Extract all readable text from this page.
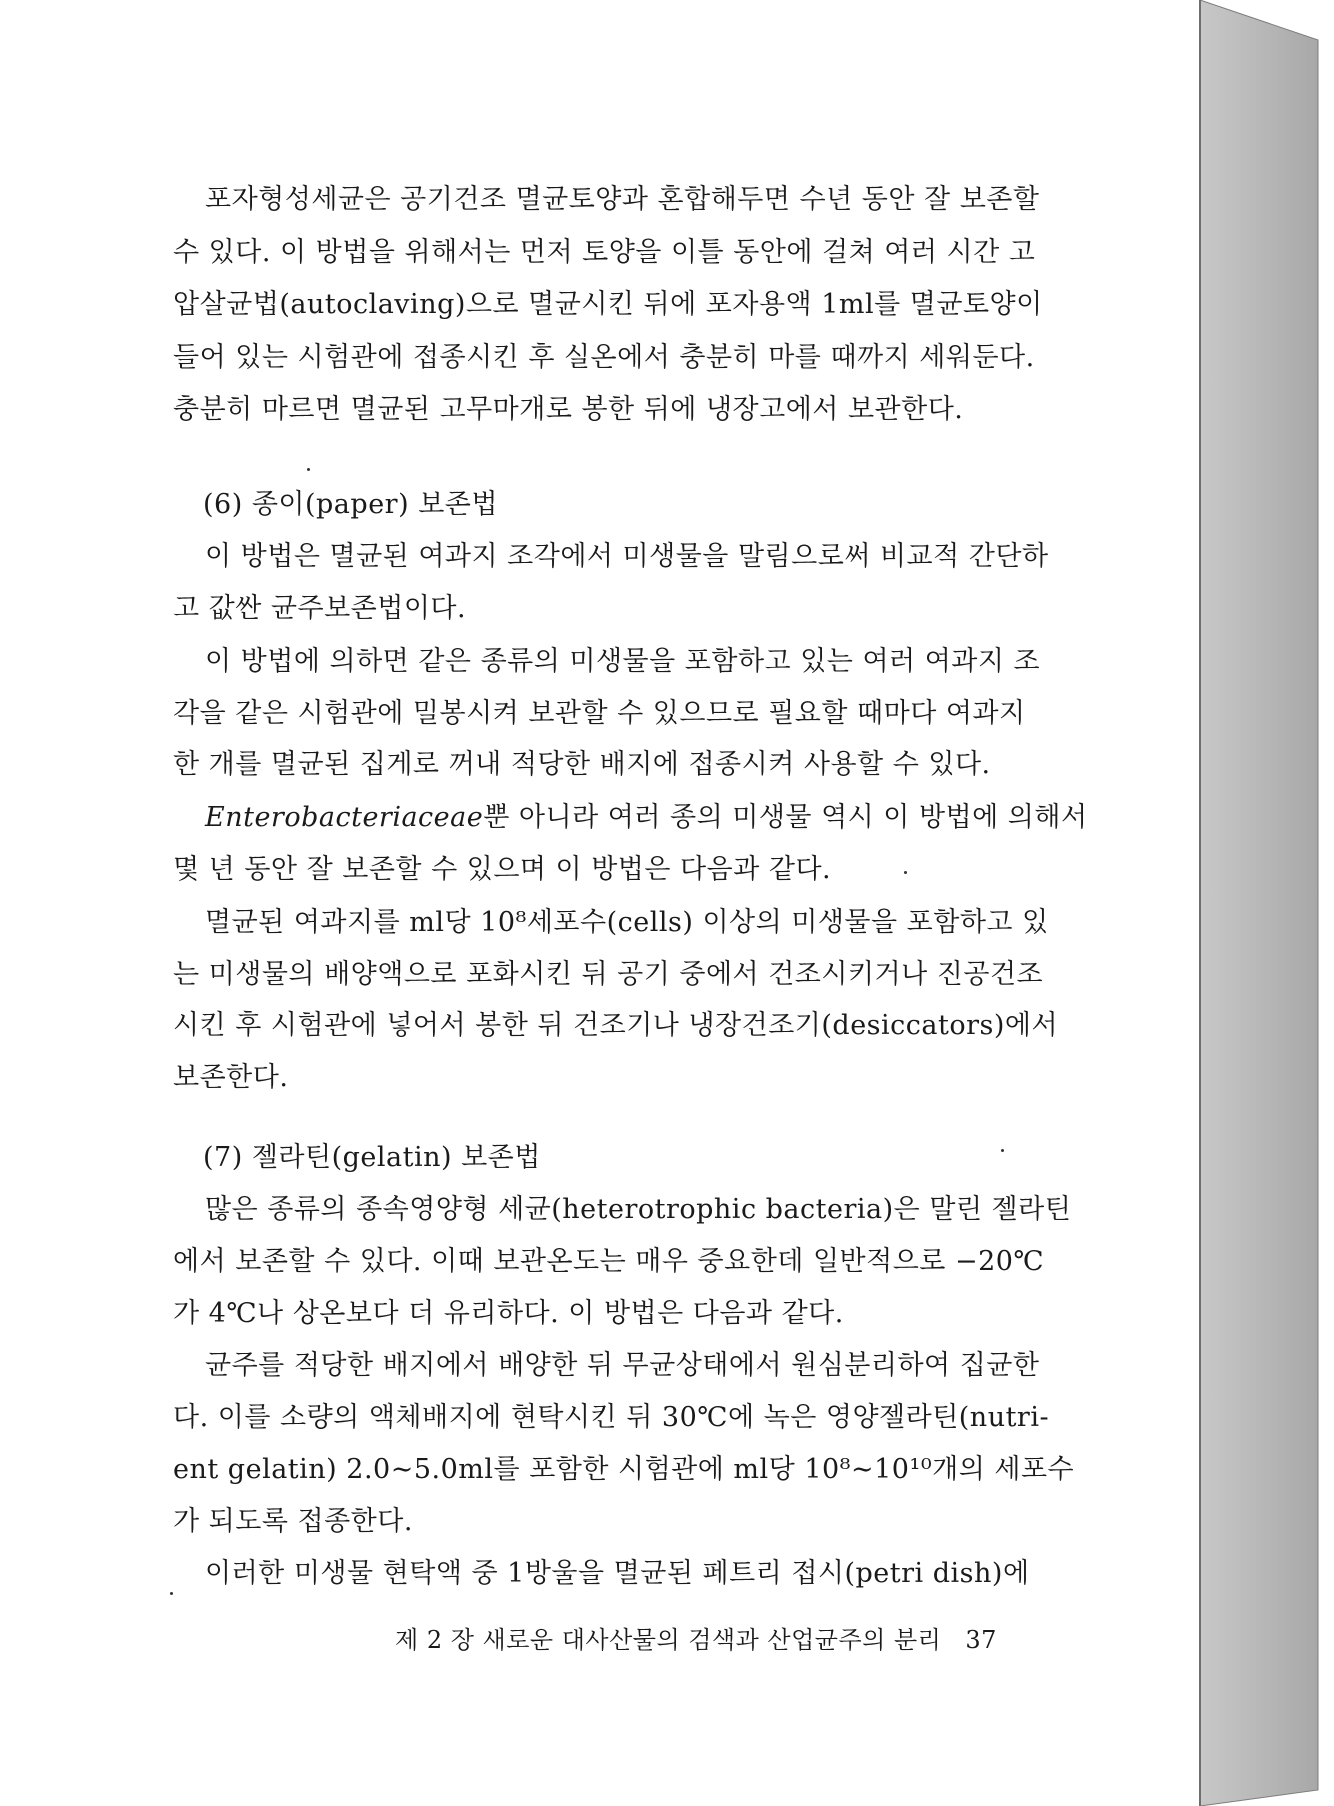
포자형성세균은 공기건조 멸균토양과 혼합해두면 수년 동안 잘 보존할
수 있다. 이 방법을 위해서는 먼저 토양을 이틀 동안에 걸쳐 여러 시간 고
압살균법(autoclaving)으로 멸균시킨 뒤에 포자용액 1ml를 멸균토양이
들어 있는 시험관에 접종시킨 후 실온에서 충분히 마를 때까지 세워둔다.
충분히 마르면 멸균된 고무마개로 봉한 뒤에 냉장고에서 보관한다.
(6) 종이(paper) 보존법
이 방법은 멸균된 여과지 조각에서 미생물을 말림으로써 비교적 간단하
고 값싼 균주보존법이다.
이 방법에 의하면 같은 종류의 미생물을 포함하고 있는 여러 여과지 조
각을 같은 시험관에 밀봉시켜 보관할 수 있으므로 필요할 때마다 여과지
한 개를 멸균된 집게로 꺼내 적당한 배지에 접종시켜 사용할 수 있다.
Enterobacteriaceae뿐 아니라 여러 종의 미생물 역시 이 방법에 의해서
몇 년 동안 잘 보존할 수 있으며 이 방법은 다음과 같다.
멸균된 여과지를 ml당 10⁸세포수(cells) 이상의 미생물을 포함하고 있
는 미생물의 배양액으로 포화시킨 뒤 공기 중에서 건조시키거나 진공건조
시킨 후 시험관에 넣어서 봉한 뒤 건조기나 냉장건조기(desiccators)에서
보존한다.
(7) 젤라틴(gelatin) 보존법
많은 종류의 종속영양형 세균(heterotrophic bacteria)은 말린 젤라틴
에서 보존할 수 있다. 이때 보관온도는 매우 중요한데 일반적으로 −20℃
가 4℃나 상온보다 더 유리하다. 이 방법은 다음과 같다.
균주를 적당한 배지에서 배양한 뒤 무균상태에서 원심분리하여 집균한
다. 이를 소량의 액체배지에 현탁시킨 뒤 30℃에 녹은 영양젤라틴(nutri-
ent gelatin) 2.0∼5.0ml를 포함한 시험관에 ml당 10⁸∼10¹⁰개의 세포수
가 되도록 접종한다.
이러한 미생물 현탁액 중 1방울을 멸균된 페트리 접시(petri dish)에
제 2 장 새로운 대사산물의 검색과 산업균주의 분리 37
